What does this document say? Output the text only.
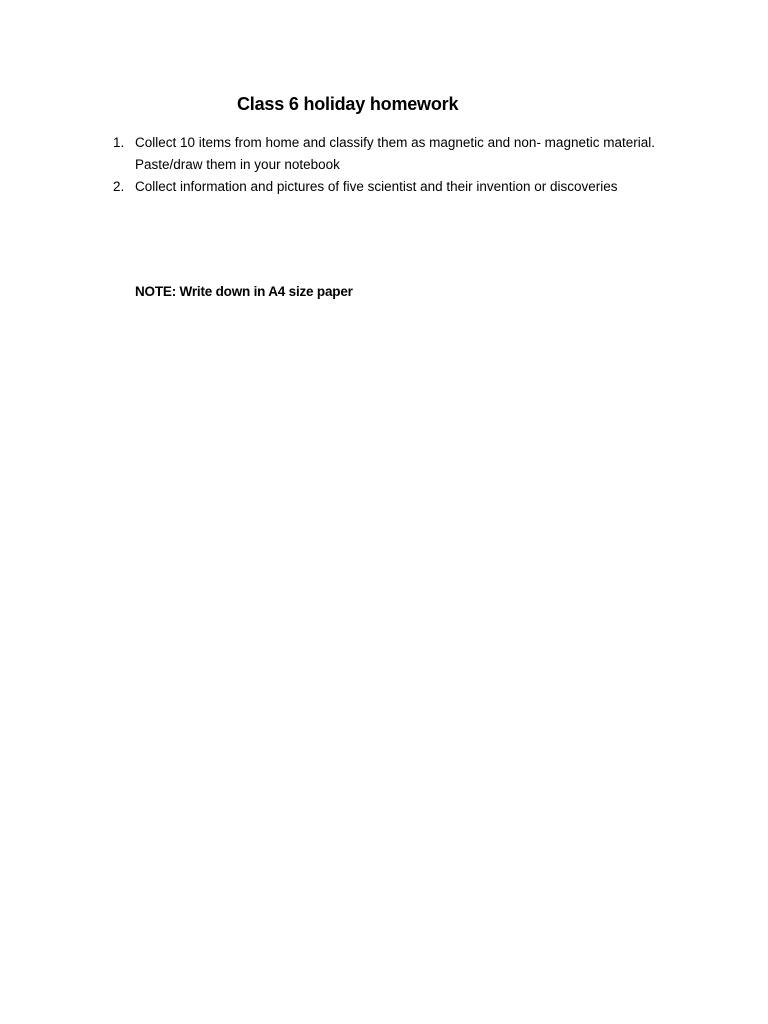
Class 6 holiday homework
1. Collect 10 items from home and classify them as magnetic and non- magnetic material. Paste/draw them in your notebook
2. Collect information and pictures of five scientist and their invention or discoveries
NOTE: Write down in A4 size paper
